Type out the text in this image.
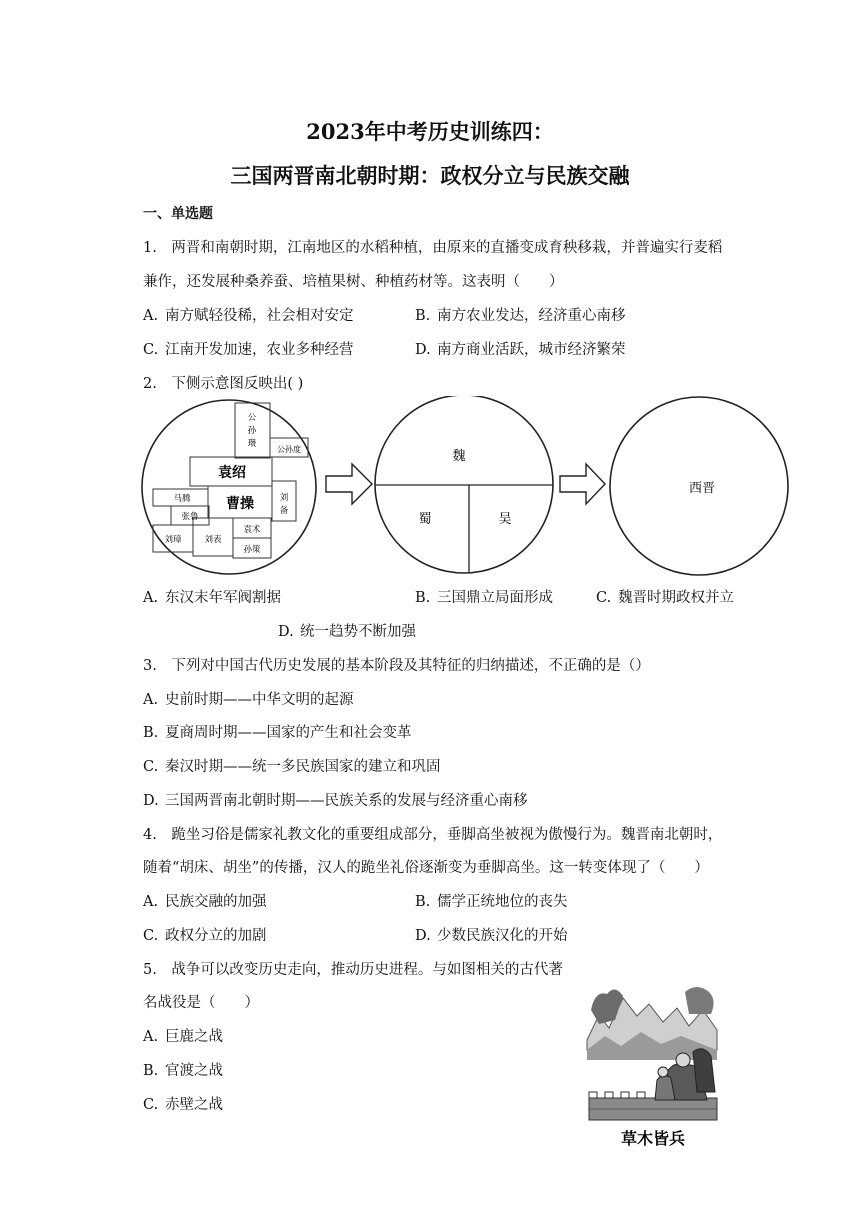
2023年中考历史训练四：
三国两晋南北朝时期：政权分立与民族交融
一、单选题
1.　两晋和南朝时期，江南地区的水稻种植，由原来的直播变成育秧移栽，并普遍实行麦稻
兼作，还发展种桑养蚕、培植果树、种植药材等。这表明（　　）
A. 南方赋轻役稀，社会相对安定	B. 南方农业发达，经济重心南移
C. 江南开发加速，农业多种经营	D. 南方商业活跃，城市经济繁荣
2.　下侧示意图反映出( )
公
孙
瓒
公孙度
袁绍
曹操	刘
备
马腾
张鲁
刘璋	刘表
袁术
孙策
魏
蜀	吴
西晋
A. 东汉末年军阀割据	B. 三国鼎立局面形成	C. 魏晋时期政权并立
D. 统一趋势不断加强
3.　下列对中国古代历史发展的基本阶段及其特征的归纳描述，不正确的是（）
A. 史前时期——中华文明的起源
B. 夏商周时期——国家的产生和社会变革
C. 秦汉时期——统一多民族国家的建立和巩固
D. 三国两晋南北朝时期——民族关系的发展与经济重心南移
4.　跪坐习俗是儒家礼教文化的重要组成部分，垂脚高坐被视为傲慢行为。魏晋南北朝时，
随着“胡床、胡坐”的传播，汉人的跪坐礼俗逐渐变为垂脚高坐。这一转变体现了（　　）
A. 民族交融的加强	B. 儒学正统地位的丧失
C. 政权分立的加剧	D. 少数民族汉化的开始
5.　战争可以改变历史走向，推动历史进程。与如图相关的古代著
名战役是（　　）
A. 巨鹿之战
B. 官渡之战
C. 赤壁之战
草木皆兵
